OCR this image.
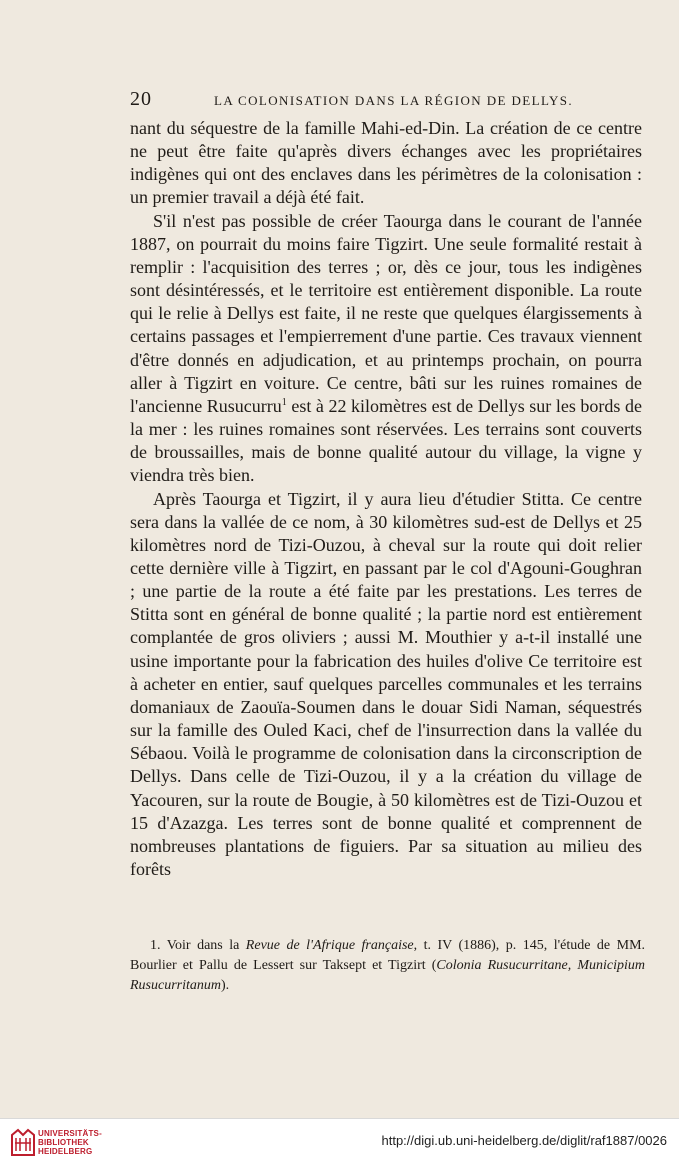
20	LA COLONISATION DANS LA RÉGION DE DELLYS.

nant du séquestre de la famille Mahi-ed-Din. La création de ce centre ne peut être faite qu'après divers échanges avec les propriétaires indigènes qui ont des enclaves dans les périmètres de la colonisation : un premier travail a déjà été fait.

S'il n'est pas possible de créer Taourga dans le courant de l'année 1887, on pourrait du moins faire Tigzirt. Une seule formalité restait à remplir : l'acquisition des terres ; or, dès ce jour, tous les indigènes sont désintéressés, et le territoire est entièrement disponible. La route qui le relie à Dellys est faite, il ne reste que quelques élargissements à certains passages et l'empierrement d'une partie. Ces travaux viennent d'être donnés en adjudication, et au printemps prochain, on pourra aller à Tigzirt en voiture. Ce centre, bâti sur les ruines romaines de l'ancienne Rusucurru$^1$ est à 22 kilomètres est de Dellys sur les bords de la mer : les ruines romaines sont réservées. Les terrains sont couverts de broussailles, mais de bonne qualité autour du village, la vigne y viendra très bien.

Après Taourga et Tigzirt, il y aura lieu d'étudier Stitta. Ce centre sera dans la vallée de ce nom, à 30 kilomètres sud-est de Dellys et 25 kilomètres nord de Tizi-Ouzou, à cheval sur la route qui doit relier cette dernière ville à Tigzirt, en passant par le col d'Agouni-Goughran ; une partie de la route a été faite par les prestations. Les terres de Stitta sont en général de bonne qualité ; la partie nord est entièrement complantée de gros oliviers ; aussi M. Mouthier y a-t-il installé une usine importante pour la fabrication des huiles d'olive Ce territoire est à acheter en entier, sauf quelques parcelles communales et les terrains domaniaux de Zaouïa-Soumen dans le douar Sidi Naman, séquestrés sur la famille des Ouled Kaci, chef de l'insurrection dans la vallée du Sébaou. Voilà le programme de colonisation dans la circonscription de Dellys. Dans celle de Tizi-Ouzou, il y a la création du village de Yacouren, sur la route de Bougie, à 50 kilomètres est de Tizi-Ouzou et 15 d'Azazga. Les terres sont de bonne qualité et comprennent de nombreuses plantations de figuiers. Par sa situation au milieu des forêts

1. Voir dans la Revue de l'Afrique française, t. IV (1886), p. 145, l'étude de MM. Bourlier et Pallu de Lessert sur Taksept et Tigzirt (Colonia Rusucurritane, Municipium Rusucurritanum).
UNIVERSITÄTS-
BIBLIOTHEK
HEIDELBERG
http://digi.ub.uni-heidelberg.de/diglit/raf1887/0026
